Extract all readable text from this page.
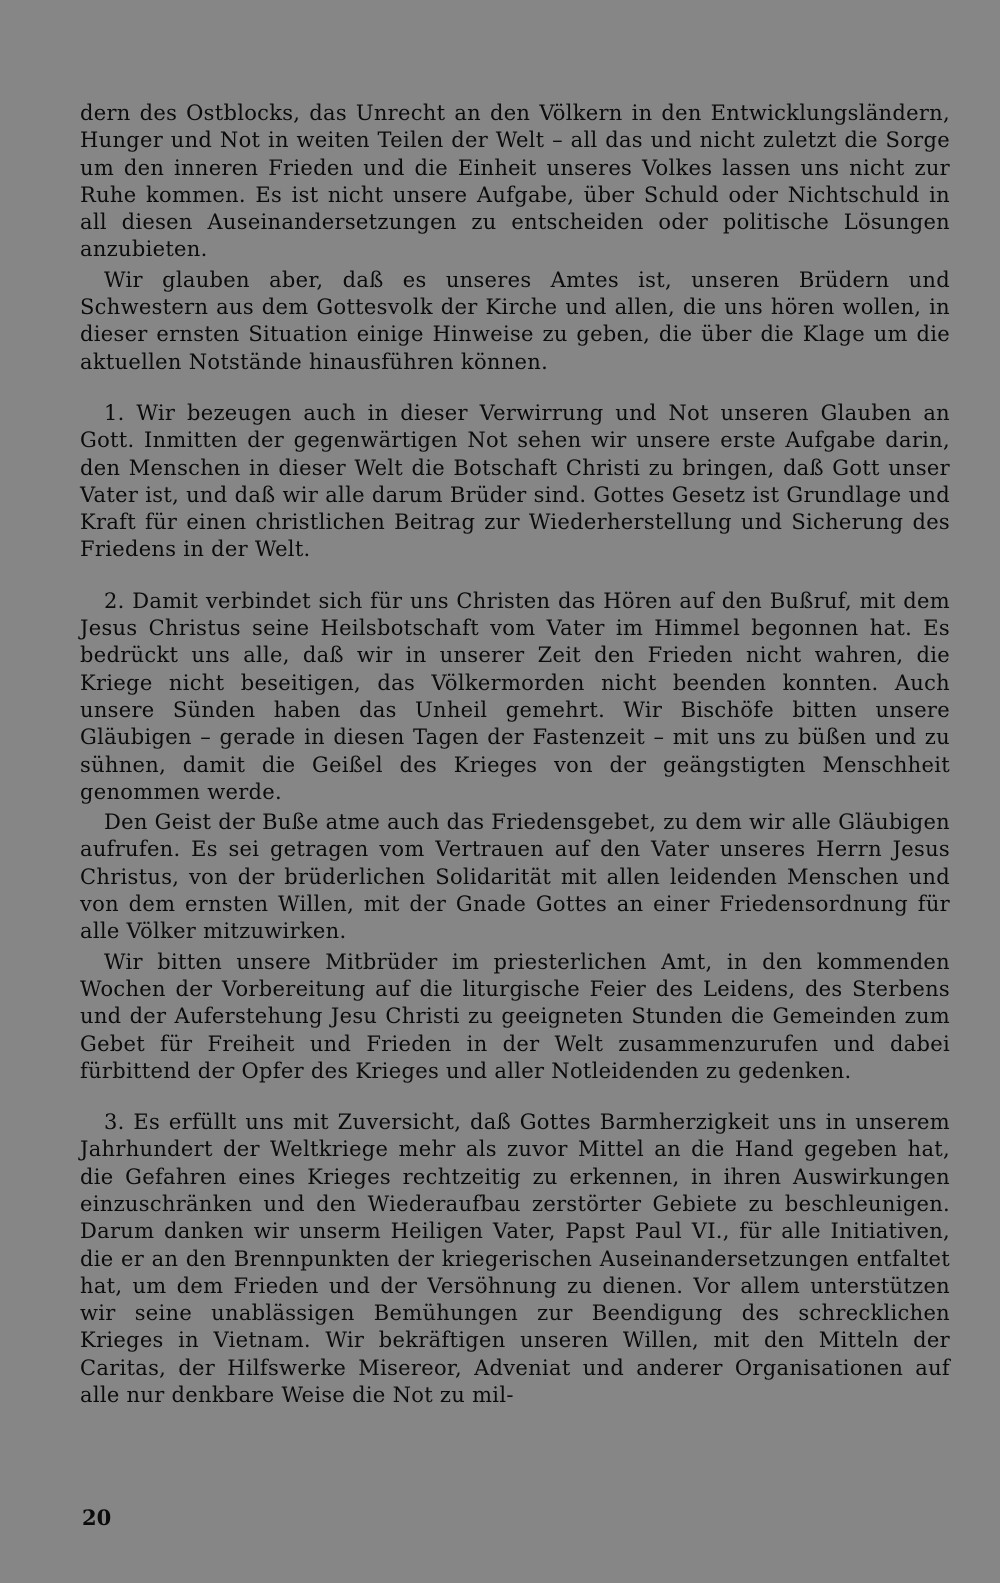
dern des Ostblocks, das Unrecht an den Völkern in den Entwicklungsländern, Hunger und Not in weiten Teilen der Welt – all das und nicht zuletzt die Sorge um den inneren Frieden und die Einheit unseres Volkes lassen uns nicht zur Ruhe kommen. Es ist nicht unsere Aufgabe, über Schuld oder Nichtschuld in all diesen Auseinandersetzungen zu entscheiden oder politische Lösungen anzubieten.

Wir glauben aber, daß es unseres Amtes ist, unseren Brüdern und Schwestern aus dem Gottesvolk der Kirche und allen, die uns hören wollen, in dieser ernsten Situation einige Hinweise zu geben, die über die Klage um die aktuellen Notstände hinausführen können.

1. Wir bezeugen auch in dieser Verwirrung und Not unseren Glauben an Gott. Inmitten der gegenwärtigen Not sehen wir unsere erste Aufgabe darin, den Menschen in dieser Welt die Botschaft Christi zu bringen, daß Gott unser Vater ist, und daß wir alle darum Brüder sind. Gottes Gesetz ist Grundlage und Kraft für einen christlichen Beitrag zur Wiederherstellung und Sicherung des Friedens in der Welt.

2. Damit verbindet sich für uns Christen das Hören auf den Bußruf, mit dem Jesus Christus seine Heilsbotschaft vom Vater im Himmel begonnen hat. Es bedrückt uns alle, daß wir in unserer Zeit den Frieden nicht wahren, die Kriege nicht beseitigen, das Völkermorden nicht beenden konnten. Auch unsere Sünden haben das Unheil gemehrt. Wir Bischöfe bitten unsere Gläubigen – gerade in diesen Tagen der Fastenzeit – mit uns zu büßen und zu sühnen, damit die Geißel des Krieges von der geängstigten Menschheit genommen werde.

Den Geist der Buße atme auch das Friedensgebet, zu dem wir alle Gläubigen aufrufen. Es sei getragen vom Vertrauen auf den Vater unseres Herrn Jesus Christus, von der brüderlichen Solidarität mit allen leidenden Menschen und von dem ernsten Willen, mit der Gnade Gottes an einer Friedensordnung für alle Völker mitzuwirken.

Wir bitten unsere Mitbrüder im priesterlichen Amt, in den kommenden Wochen der Vorbereitung auf die liturgische Feier des Leidens, des Sterbens und der Auferstehung Jesu Christi zu geeigneten Stunden die Gemeinden zum Gebet für Freiheit und Frieden in der Welt zusammenzurufen und dabei fürbittend der Opfer des Krieges und aller Notleidenden zu gedenken.

3. Es erfüllt uns mit Zuversicht, daß Gottes Barmherzigkeit uns in unserem Jahrhundert der Weltkriege mehr als zuvor Mittel an die Hand gegeben hat, die Gefahren eines Krieges rechtzeitig zu erkennen, in ihren Auswirkungen einzuschränken und den Wiederaufbau zerstörter Gebiete zu beschleunigen. Darum danken wir unserm Heiligen Vater, Papst Paul VI., für alle Initiativen, die er an den Brennpunkten der kriegerischen Auseinandersetzungen entfaltet hat, um dem Frieden und der Versöhnung zu dienen. Vor allem unterstützen wir seine unablässigen Bemühungen zur Beendigung des schrecklichen Krieges in Vietnam. Wir bekräftigen unseren Willen, mit den Mitteln der Caritas, der Hilfswerke Misereor, Adveniat und anderer Organisationen auf alle nur denkbare Weise die Not zu mil-

20
